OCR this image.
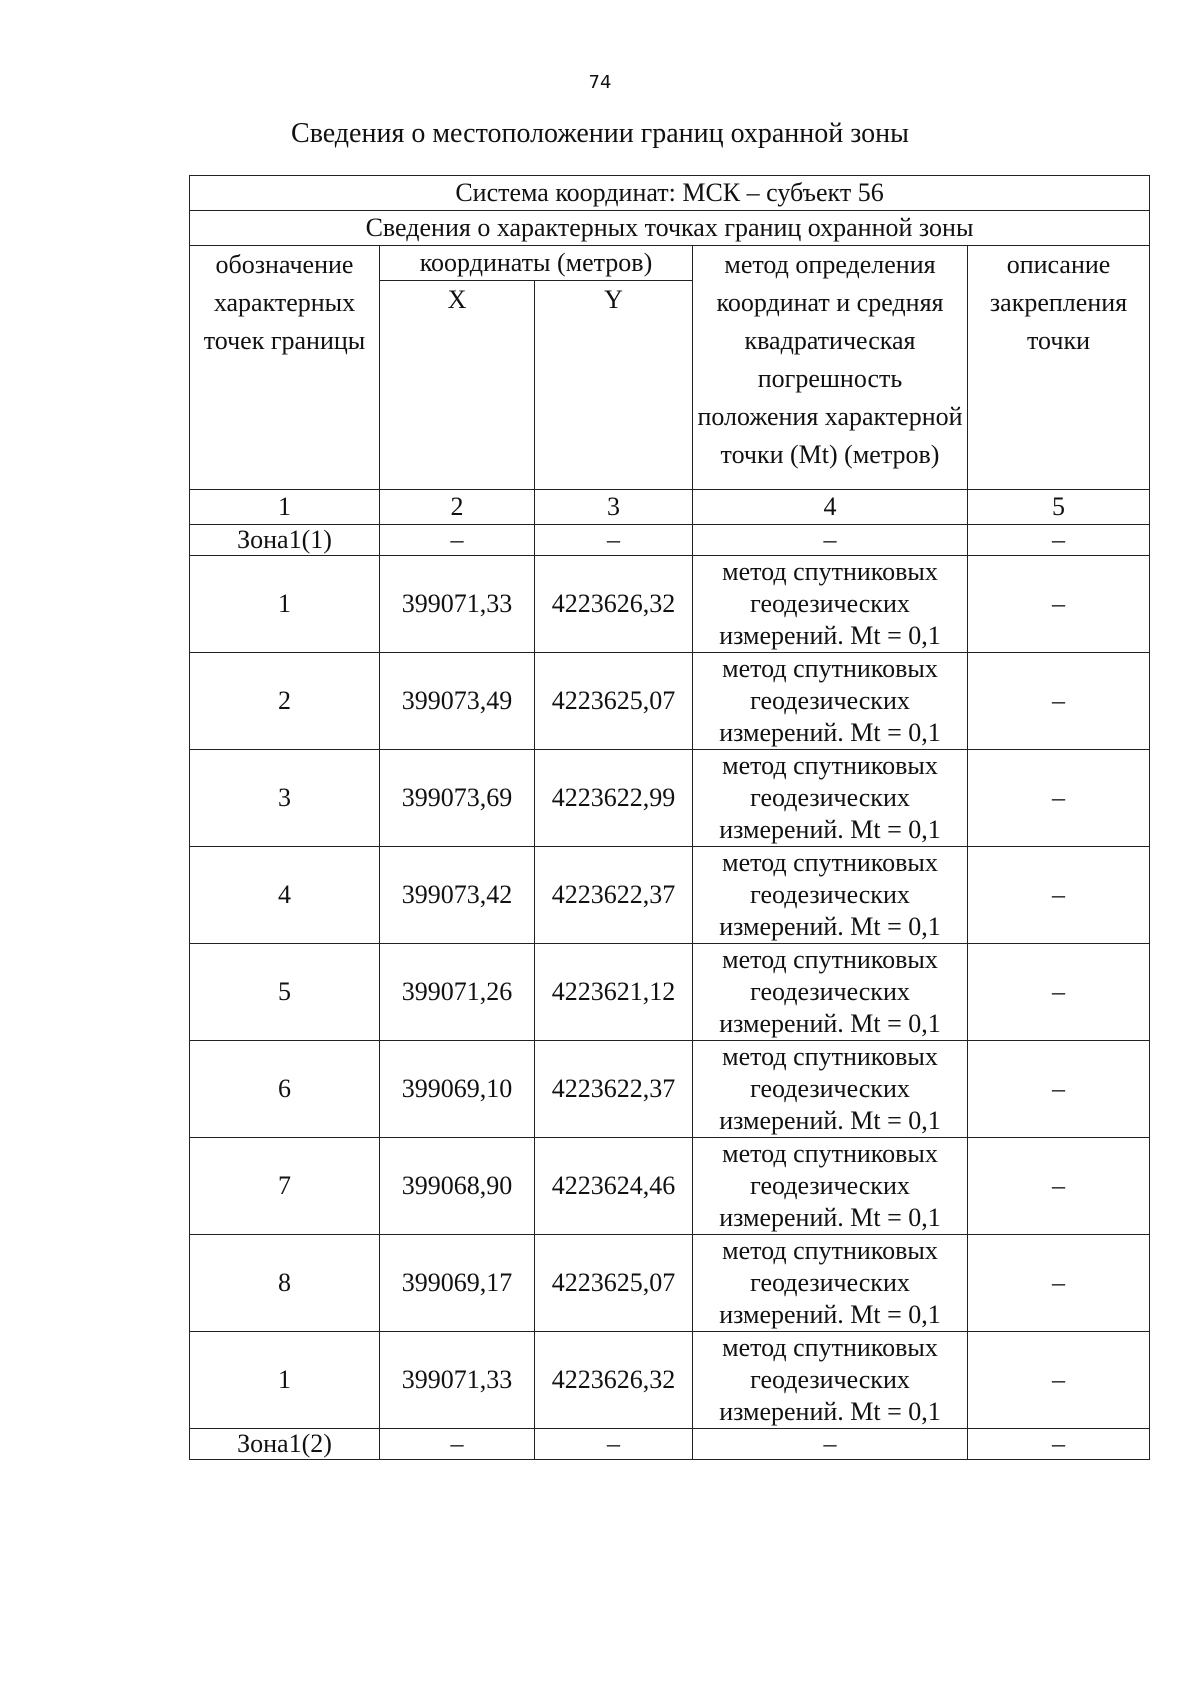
74
Сведения о местоположении границ охранной зоны
Система координат: МСК – субъект 56				
Сведения о характерных точках границ охранной зоны				
обозначение характерных точек границы	координаты (метров)		метод определения координат и средняя квадратическая погрешность положения характерной точки (Mt) (метров)	описание закрепления точки
	X	Y		
1	2	3	4	5
Зона1(1)	–	–	–	–
1	399071,33	4223626,32	метод спутниковых геодезических измерений. Mt = 0,1	–
2	399073,49	4223625,07	метод спутниковых геодезических измерений. Mt = 0,1	–
3	399073,69	4223622,99	метод спутниковых геодезических измерений. Mt = 0,1	–
4	399073,42	4223622,37	метод спутниковых геодезических измерений. Mt = 0,1	–
5	399071,26	4223621,12	метод спутниковых геодезических измерений. Mt = 0,1	–
6	399069,10	4223622,37	метод спутниковых геодезических измерений. Mt = 0,1	–
7	399068,90	4223624,46	метод спутниковых геодезических измерений. Mt = 0,1	–
8	399069,17	4223625,07	метод спутниковых геодезических измерений. Mt = 0,1	–
1	399071,33	4223626,32	метод спутниковых геодезических измерений. Mt = 0,1	–
Зона1(2)	–	–	–	–
